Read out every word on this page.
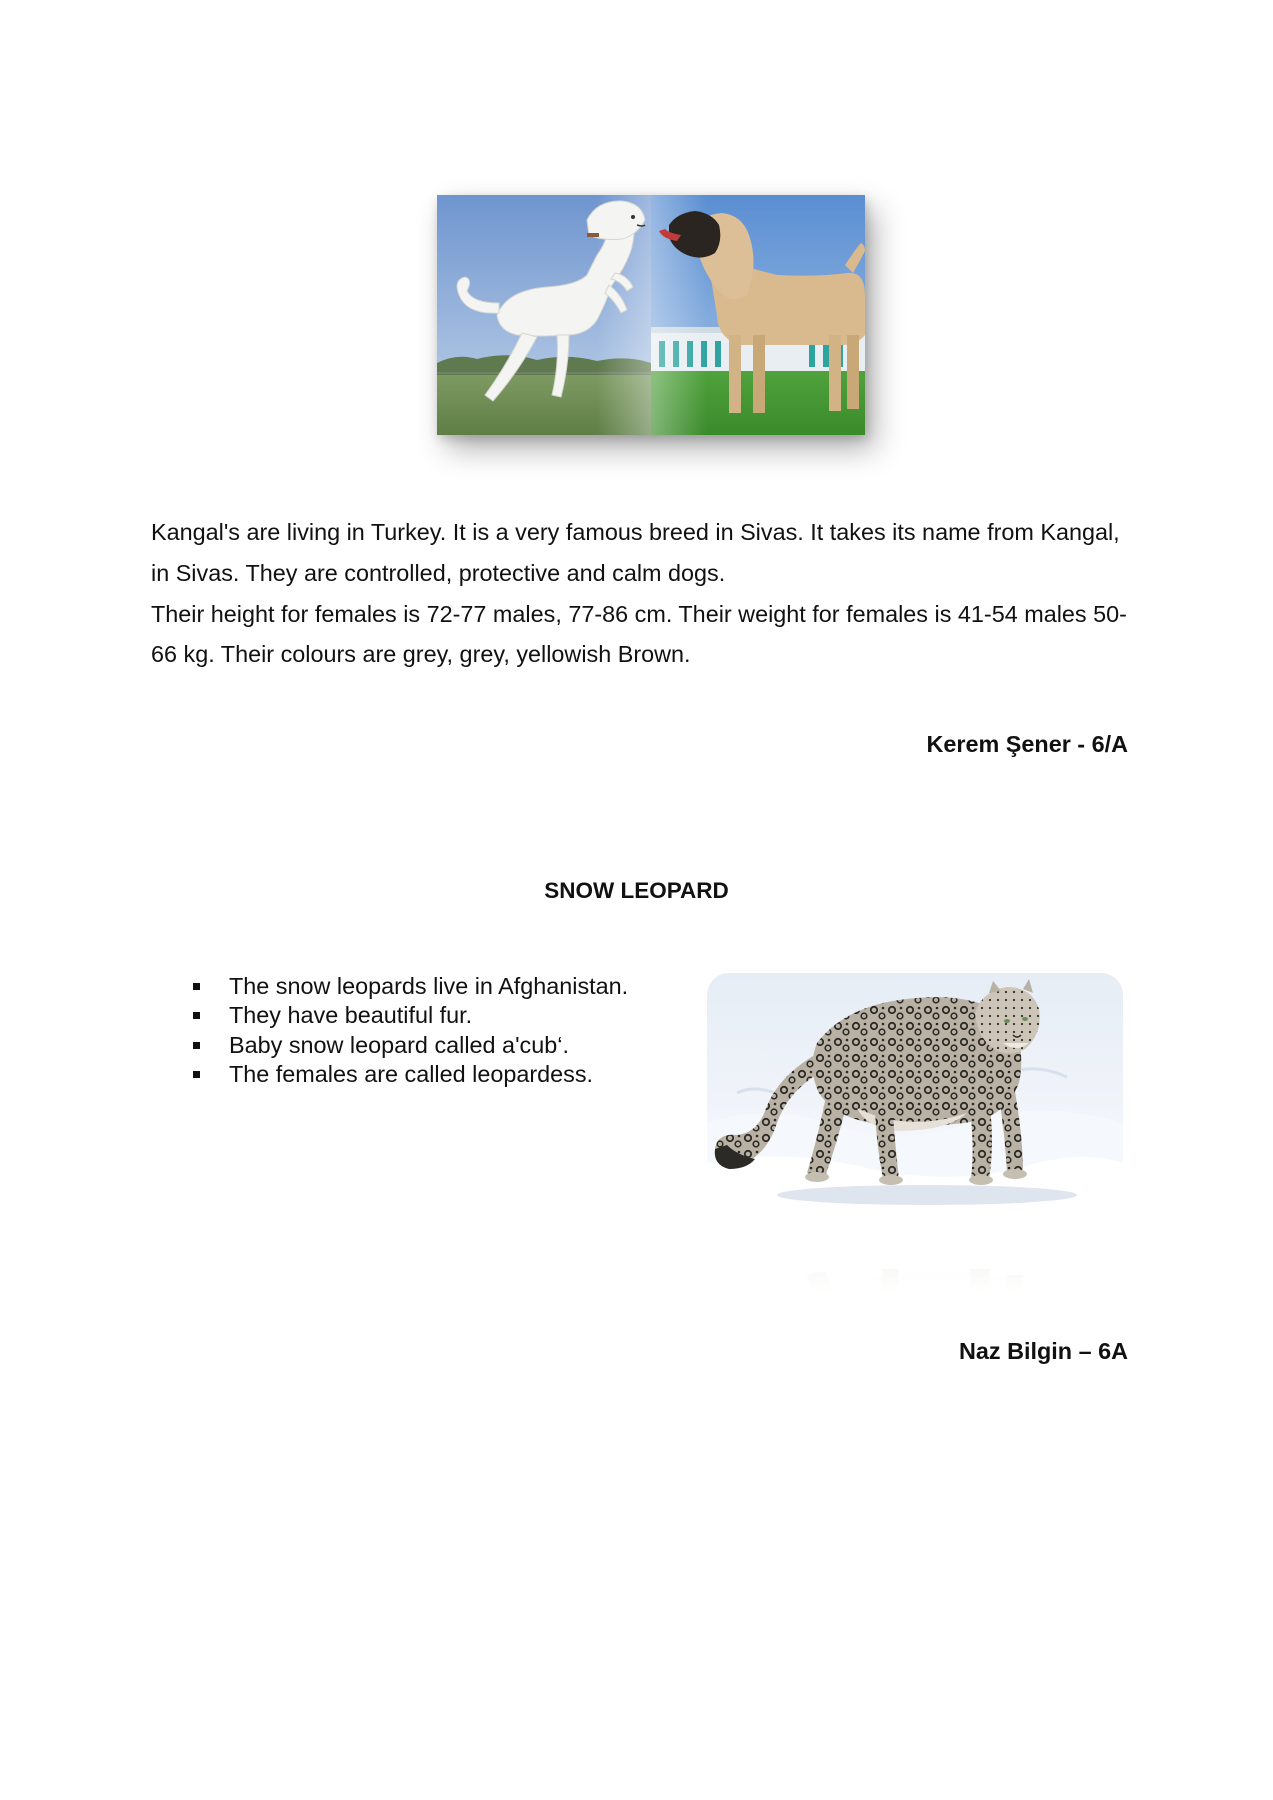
Kangal's are living in Turkey. It is a very famous breed in Sivas. It takes its name from Kangal, in Sivas. They are controlled, protective and calm dogs.

Their height for females is 72-77 males, 77-86 cm. Their weight for females is 41-54 males 50-66 kg. Their colours are grey, grey, yellowish Brown.

Kerem Şener - 6/A

SNOW LEOPARD
The snow leopards live in Afghanistan.
They have beautiful fur.
Baby snow leopard called a'cub‘.
The females are called leopardess.

Naz Bilgin – 6A
